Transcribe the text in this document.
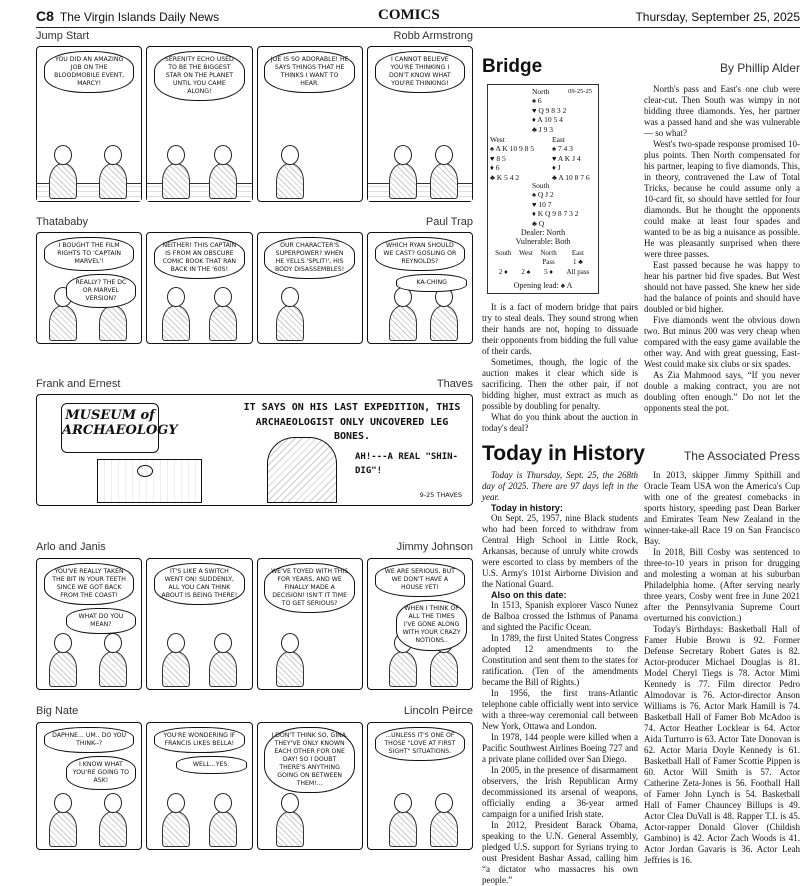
C8 The Virgin Islands Daily News	COMICS	Thursday, September 25, 2025
Jump Start	Robb Armstrong
YOU DID AN AMAZING JOB ON THE BLOODMOBILE EVENT, MARCY!
SERENITY ECHO USED TO BE THE BIGGEST STAR ON THE PLANET UNTIL YOU CAME ALONG!
JOE IS SO ADORABLE! HE SAYS THINGS THAT HE THINKS I WANT TO HEAR.
I CANNOT BELIEVE YOU'RE THINKING I DON'T KNOW WHAT YOU'RE THINKING!
Thatababy	Paul Trap
I BOUGHT THE FILM RIGHTS TO 'CAPTAIN MARVEL'!
REALLY? THE DC OR MARVEL VERSION?
NEITHER! THIS CAPTAIN IS FROM AN OBSCURE COMIC BOOK THAT RAN BACK IN THE '60S!
OUR CHARACTER'S SUPERPOWER? WHEN HE YELLS 'SPLIT!', HIS BODY DISASSEMBLES!
WHICH RYAN SHOULD WE CAST? GOSLING OR REYNOLDS?
KA-CHING
Arlo and Janis	Jimmy Johnson
YOU'VE REALLY TAKEN THE BIT IN YOUR TEETH SINCE WE GOT BACK FROM THE COAST!
WHAT DO YOU MEAN?
IT'S LIKE A SWITCH WENT ON! SUDDENLY, ALL YOU CAN THINK ABOUT IS BEING THERE!
WE'VE TOYED WITH THIS FOR YEARS, AND WE FINALLY MADE A DECISION! ISN'T IT TIME TO GET SERIOUS?
WE ARE SERIOUS, BUT WE DON'T HAVE A HOUSE YET!
WHEN I THINK OF ALL THE TIMES I'VE GONE ALONG WITH YOUR CRAZY NOTIONS..
Big Nate	Lincoln Peirce
DAPHNE... UM.. DO YOU THINK--?
I KNOW WHAT YOU'RE GOING TO ASK!
YOU'RE WONDERING IF FRANCIS LIKES BELLA!
WELL...YES.
I DON'T THINK SO, GINA. THEY'VE ONLY KNOWN EACH OTHER FOR ONE DAY! SO I DOUBT THERE'S ANYTHING GOING ON BETWEEN THEM!...
...UNLESS IT'S ONE OF THOSE "LOVE AT FIRST SIGHT" SITUATIONS.
Frank and Ernest	Thaves
MUSEUM of ARCHAEOLOGY
IT SAYS ON HIS LAST EXPEDITION, THIS ARCHAEOLOGIST ONLY UNCOVERED LEG BONES.
AH!---A REAL "SHIN-DIG"!
9-25 THAVES
Bridge	By Phillip Alder
09-25-25
North
♠ 6
♥ Q 9 8 3 2
♦ A 10 5 4
♣ J 9 3
West
♠ A K 10 9 8 5
♥ 8 5
♦ 6
♣ K 5 4 2
East
♠ 7 4 3
♥ A K J 4
♦ J
♣ A 10 8 7 6
South
♠ Q J 2
♥ 10 7
♦ K Q 9 8 7 3 2
♣ Q
Dealer: North
Vulnerable: Both
South	West	North	East
		Pass	1 ♣
2 ♦	2 ♠	5 ♦	All pass
Opening lead: ♠ A

It is a fact of modern bridge that pairs try to steal deals. They sound strong when their hands are not, hoping to dissuade their opponents from bidding the full value of their cards.

Sometimes, though, the logic of the auction makes it clear which side is sacrificing. Then the other pair, if not bidding higher, must extract as much as possible by doubling for penalty.

What do you think about the auction in today's deal?

North's pass and East's one club were clear-cut. Then South was wimpy in not bidding three diamonds. Yes, her partner was a passed hand and she was vulnerable — so what?

West's two-spade response promised 10-plus points. Then North compensated for his partner, leaping to five diamonds. This, in theory, contravened the Law of Total Tricks, because he could assume only a 10-card fit, so should have settled for four diamonds. But he thought the opponents could make at least four spades and wanted to be as big a nuisance as possible. He was pleasantly surprised when there were three passes.

East passed because he was happy to hear his partner bid five spades. But West should not have passed. She knew her side had the balance of points and should have doubled or bid higher.

Five diamonds went the obvious down two. But minus 200 was very cheap when compared with the easy game available the other way. And with great guessing, East-West could make six clubs or six spades.

As Zia Mahmood says, “If you never double a making contract, you are not doubling often enough.” Do not let the opponents steal the pot.

Today in History	The Associated Press

Today is Thursday, Sept. 25, the 268th day of 2025. There are 97 days left in the year.

Today in history:

On Sept. 25, 1957, nine Black students who had been forced to withdraw from Central High School in Little Rock, Arkansas, because of unruly white crowds were escorted to class by members of the U.S. Army's 101st Airborne Division and the National Guard.

Also on this date:

In 1513, Spanish explorer Vasco Nunez de Balboa crossed the Isthmus of Panama and sighted the Pacific Ocean.

In 1789, the first United States Congress adopted 12 amendments to the Constitution and sent them to the states for ratification. (Ten of the amendments became the Bill of Rights.)

In 1956, the first trans-Atlantic telephone cable officially went into service with a three-way ceremonial call between New York, Ottawa and London.

In 1978, 144 people were killed when a Pacific Southwest Airlines Boeing 727 and a private plane collided over San Diego.

In 2005, in the presence of disarmament observers, the Irish Republican Army decommissioned its arsenal of weapons, officially ending a 36-year armed campaign for a unified Irish state.

In 2012, President Barack Obama, speaking to the U.N. General Assembly, pledged U.S. support for Syrians trying to oust President Bashar Assad, calling him “a dictator who massacres his own people.”

In 2013, skipper Jimmy Spithill and Oracle Team USA won the America's Cup with one of the greatest comebacks in sports history, speeding past Dean Barker and Emirates Team New Zealand in the winner-take-all Race 19 on San Francisco Bay.

In 2018, Bill Cosby was sentenced to three-to-10 years in prison for drugging and molesting a woman at his suburban Philadelphia home. (After serving nearly three years, Cosby went free in June 2021 after the Pennsylvania Supreme Court overturned his conviction.)

Today's Birthdays: Basketball Hall of Famer Hubie Brown is 92. Former Defense Secretary Robert Gates is 82. Actor-producer Michael Douglas is 81. Model Cheryl Tiegs is 78. Actor Mimi Kennedy is 77. Film director Pedro Almodovar is 76. Actor-director Anson Williams is 76. Actor Mark Hamill is 74. Basketball Hall of Famer Bob McAdoo is 74. Actor Heather Locklear is 64. Actor Aida Turturro is 63. Actor Tate Donovan is 62. Actor Maria Doyle Kennedy is 61. Basketball Hall of Famer Scottie Pippen is 60. Actor Will Smith is 57. Actor Catherine Zeta-Jones is 56. Football Hall of Famer John Lynch is 54. Basketball Hall of Famer Chauncey Billups is 49. Actor Clea DuVall is 48. Rapper T.I. is 45. Actor-rapper Donald Glover (Childish Gambino) is 42. Actor Zach Woods is 41. Actor Jordan Gavaris is 36. Actor Leah Jeffries is 16.
